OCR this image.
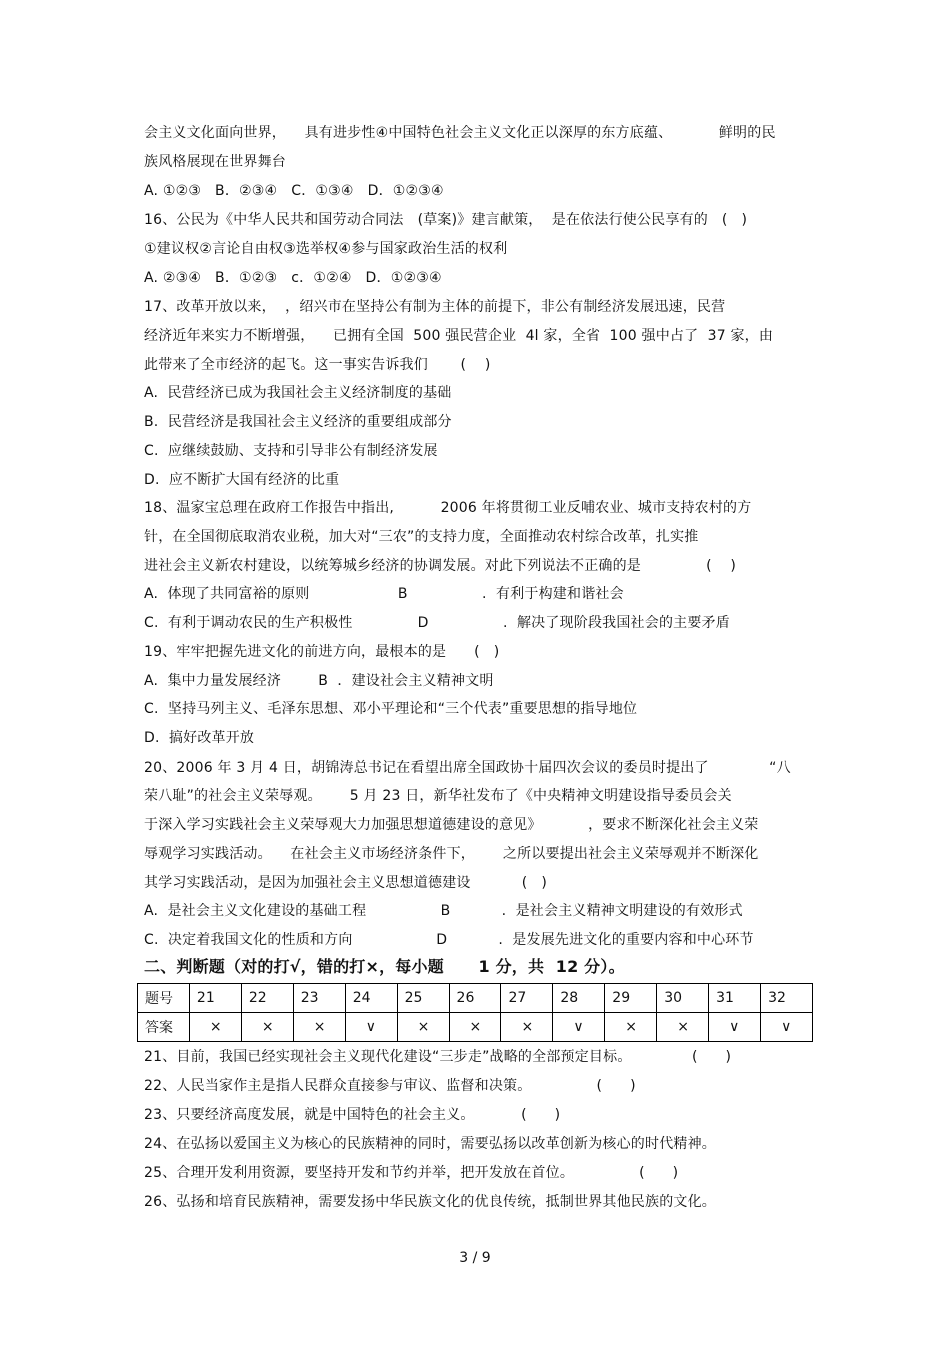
会主义文化面向世界，    具有进步性④中国特色社会主义文化正以深厚的东方底蕴、          鲜明的民
族风格展现在世界舞台
A. ①②③   B．②③④   C．①③④   D．①②③④
16、公民为《中华人民共和国劳动合同法   (草案)》建言献策，  是在依法行使公民享有的   (   )
①建议权②言论自由权③选举权④参与国家政治生活的权利
A. ②③④   B．①②③   c．①②④   D．①②③④
17、改革开放以来，  ，绍兴市在坚持公有制为主体的前提下，非公有制经济发展迅速，民营
经济近年来实力不断增强，    已拥有全国  500 强民营企业  4l 家，全省  100 强中占了  37 家，由
此带来了全市经济的起飞。这一事实告诉我们       (    )
A.  民营经济已成为我国社会主义经济制度的基础
B.  民营经济是我国社会主义经济的重要组成部分
C.  应继续鼓励、支持和引导非公有制经济发展
D.  应不断扩大国有经济的比重
18、温家宝总理在政府工作报告中指出,          2006 年将贯彻工业反哺农业、城市支持农村的方
针，在全国彻底取消农业税，加大对“三农”的支持力度，全面推动农村综合改革，扎实推
进社会主义新农村建设，以统筹城乡经济的协调发展。对此下列说法不正确的是              (    )
A.  体现了共同富裕的原则                   B                .  有利于构建和谐社会
C.  有利于调动农民的生产积极性              D                .  解决了现阶段我国社会的主要矛盾
19、牢牢把握先进文化的前进方向，最根本的是      (   )
A.  集中力量发展经济        B  ．建设社会主义精神文明
C.  坚持马列主义、毛泽东思想、邓小平理论和“三个代表”重要思想的指导地位
D.  搞好改革开放
20、2006 年 3 月 4 日，胡锦涛总书记在看望出席全国政协十届四次会议的委员时提出了             “八
荣八耻”的社会主义荣辱观。      5 月 23 日，新华社发布了《中央精神文明建设指导委员会关
于深入学习实践社会主义荣辱观大力加强思想道德建设的意见》          ，要求不断深化社会主义荣
辱观学习实践活动。    在社会主义市场经济条件下，      之所以要提出社会主义荣辱观并不断深化
其学习实践活动，是因为加强社会主义思想道德建设           (   )
A.  是社会主义文化建设的基础工程                B           .  是社会主义精神文明建设的有效形式
C.  决定着我国文化的性质和方向                  D           .  是发展先进文化的重要内容和中心环节
二、判断题（对的打√，错的打×，每小题      1 分，共  12 分）。
题号	21	22	23	24	25	26	27	28	29	30	31	32
答案	×	×	×	∨	×	×	×	∨	×	×	∨	∨
21、目前，我国已经实现社会主义现代化建设“三步走”战略的全部预定目标。             (      )
22、人民当家作主是指人民群众直接参与审议、监督和决策。              (      )
23、只要经济高度发展，就是中国特色的社会主义。          (      )
24、在弘扬以爱国主义为核心的民族精神的同时，需要弘扬以改革创新为核心的时代精神。
25、合理开发利用资源，要坚持开发和节约并举，把开发放在首位。              (      )
26、弘扬和培育民族精神，需要发扬中华民族文化的优良传统，抵制世界其他民族的文化。
3 / 9
